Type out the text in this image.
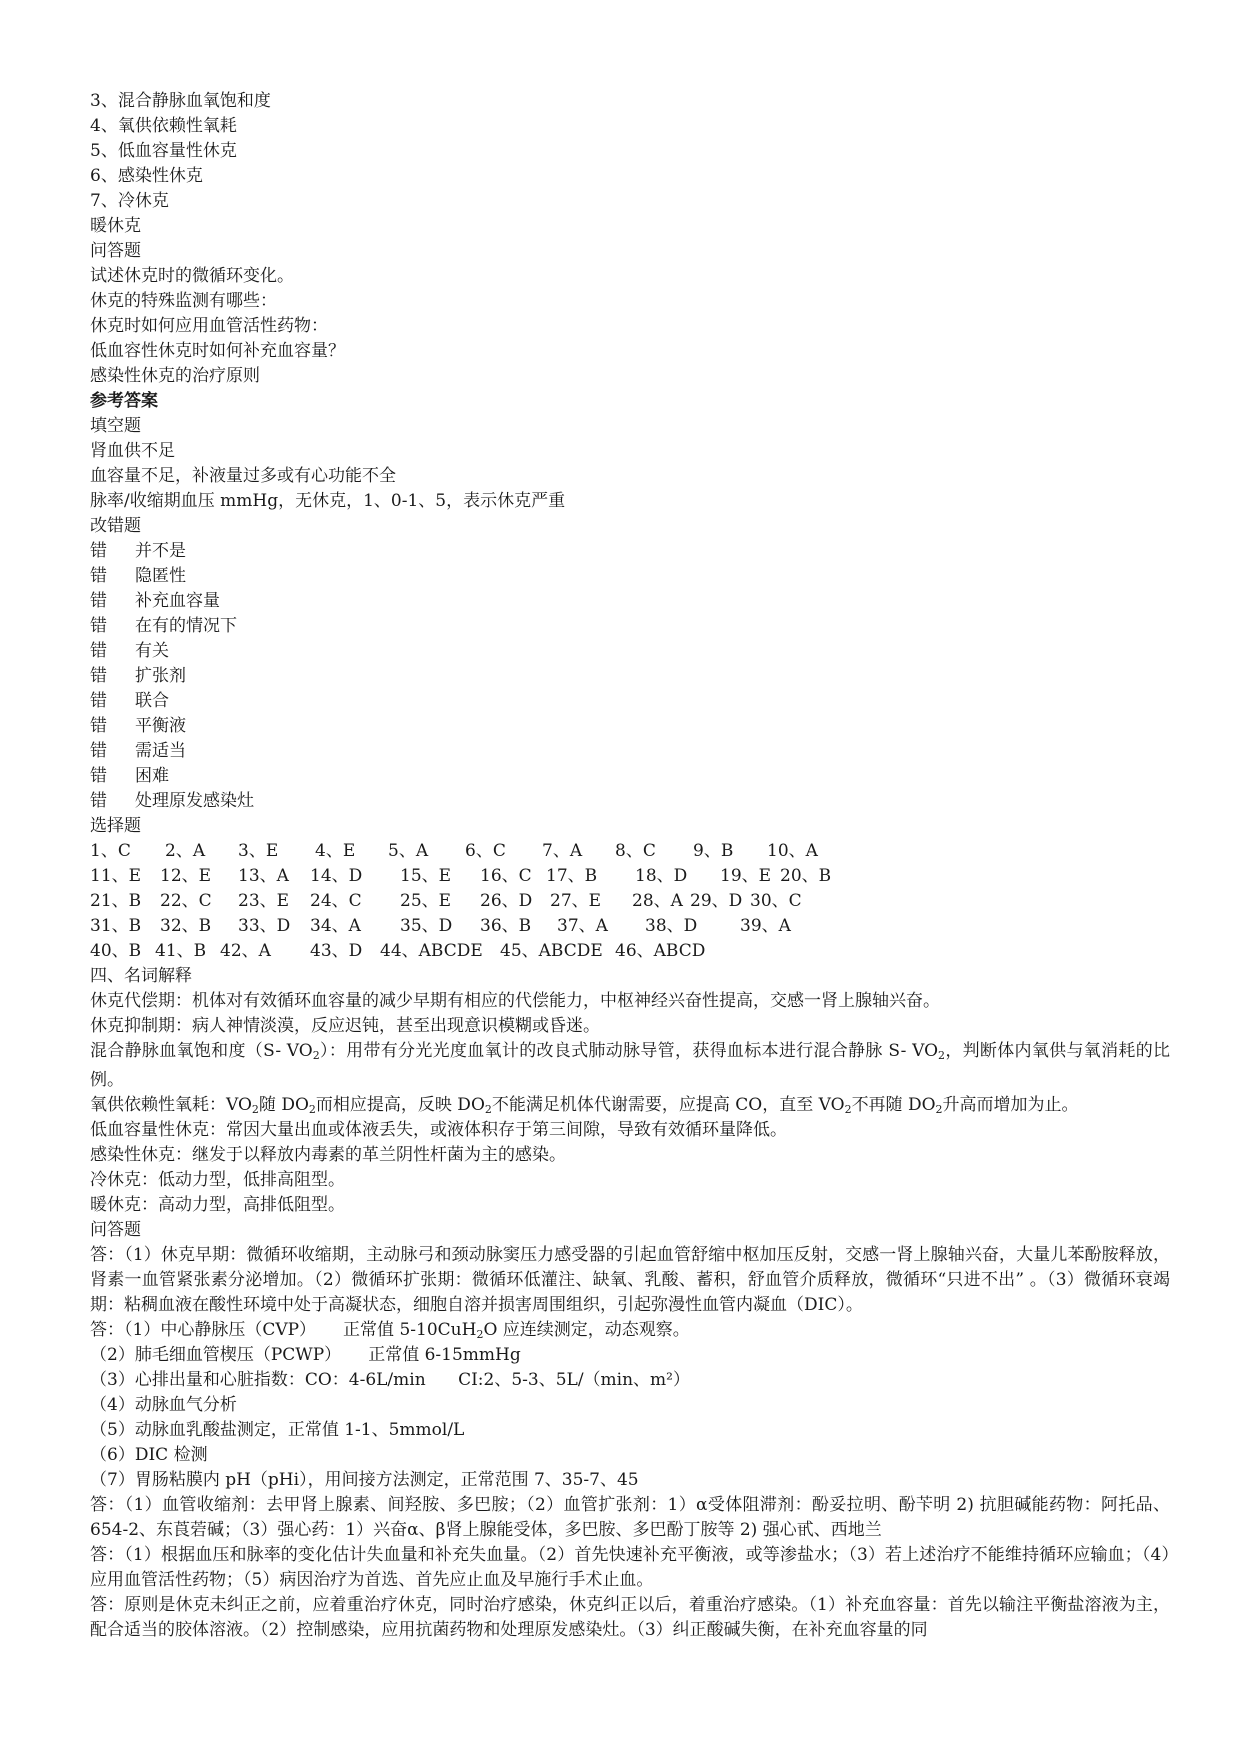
3、混合静脉血氧饱和度
4、氧供依赖性氧耗
5、低血容量性休克
6、感染性休克
7、冷休克
暖休克
问答题
试述休克时的微循环变化。
休克的特殊监测有哪些：
休克时如何应用血管活性药物：
低血容性休克时如何补充血容量？
感染性休克的治疗原则
参考答案
填空题
肾血供不足
血容量不足，补液量过多或有心功能不全
脉率/收缩期血压 mmHg，无休克，1、0-1、5，表示休克严重
改错题
错	并不是
错	隐匿性
错	补充血容量
错	在有的情况下
错	有关
错	扩张剂
错	联合
错	平衡液
错	需适当
错	困难
错	处理原发感染灶
选择题
1、C 2、A 3、E 4、E 5、A 6、C 7、A 8、C 9、B 10、A
11、E 12、E 13、A 14、D 15、E 16、C 17、B 18、D 19、E 20、B
21、B 22、C 23、E 24、C 25、E 26、D 27、E 28、A 29、D 30、C
31、B 32、B 33、D 34、A 35、D 36、B 37、A 38、D	39、A
40、B 41、B 42、A 43、D 44、ABCDE 45、ABCDE 46、ABCD
四、名词解释
休克代偿期：机体对有效循环血容量的减少早期有相应的代偿能力，中枢神经兴奋性提高，交感一肾上腺轴兴奋。
休克抑制期：病人神情淡漠，反应迟钝，甚至出现意识模糊或昏迷。
混合静脉血氧饱和度（S- $VO_2$）：用带有分光光度血氧计的改良式肺动脉导管，获得血标本进行混合静脉 S- $VO_2$，判断体内氧供与氧消耗的比例。
氧供依赖性氧耗：$VO_2$随 $DO_2$而相应提高，反映 $DO_2$不能满足机体代谢需要，应提高 CO，直至 $VO_2$不再随 $DO_2$升高而增加为止。
低血容量性休克：常因大量出血或体液丢失，或液体积存于第三间隙，导致有效循环量降低。
感染性休克：继发于以释放内毒素的革兰阴性杆菌为主的感染。
冷休克：低动力型，低排高阻型。
暖休克：高动力型，高排低阻型。
问答题
答：（1）休克早期：微循环收缩期，主动脉弓和颈动脉窦压力感受器的引起血管舒缩中枢加压反射，交感一肾上腺轴兴奋，大量儿苯酚胺释放，肾素一血管紧张素分泌增加。（2）微循环扩张期：微循环低灌注、缺氧、乳酸、蓄积，舒血管介质释放，微循环“只进不出” 。（3）微循环衰竭期：粘稠血液在酸性环境中处于高凝状态，细胞自溶并损害周围组织，引起弥漫性血管内凝血（DIC）。
答：（1）中心静脉压（CVP）     正常值 5-10CuH$_2$O 应连续测定，动态观察。
（2）肺毛细血管楔压（PCWP）     正常值 6-15mmHg
（3）心排出量和心脏指数：CO：4-6L/min      CI:2、5-3、5L/（min、m²）
（4）动脉血气分析
（5）动脉血乳酸盐测定，正常值 1-1、5mmol/L
（6）DIC 检测
（7）胃肠粘膜内 pH（pHi），用间接方法测定，正常范围 7、35-7、45
答：（1）血管收缩剂：去甲肾上腺素、间羟胺、多巴胺；（2）血管扩张剂：1）α受体阻滞剂：酚妥拉明、酚苄明 2) 抗胆碱能药物：阿托品、654-2、东莨菪碱；（3）强心药：1）兴奋α、β肾上腺能受体，多巴胺、多巴酚丁胺等 2) 强心甙、西地兰
答：（1）根据血压和脉率的变化估计失血量和补充失血量。（2）首先快速补充平衡液，或等渗盐水；（3）若上述治疗不能维持循环应输血；（4）应用血管活性药物；（5）病因治疗为首选、首先应止血及早施行手术止血。
答：原则是休克未纠正之前，应着重治疗休克，同时治疗感染，休克纠正以后，着重治疗感染。（1）补充血容量：首先以输注平衡盐溶液为主，配合适当的胶体溶液。（2）控制感染，应用抗菌药物和处理原发感染灶。（3）纠正酸碱失衡，在补充血容量的同
